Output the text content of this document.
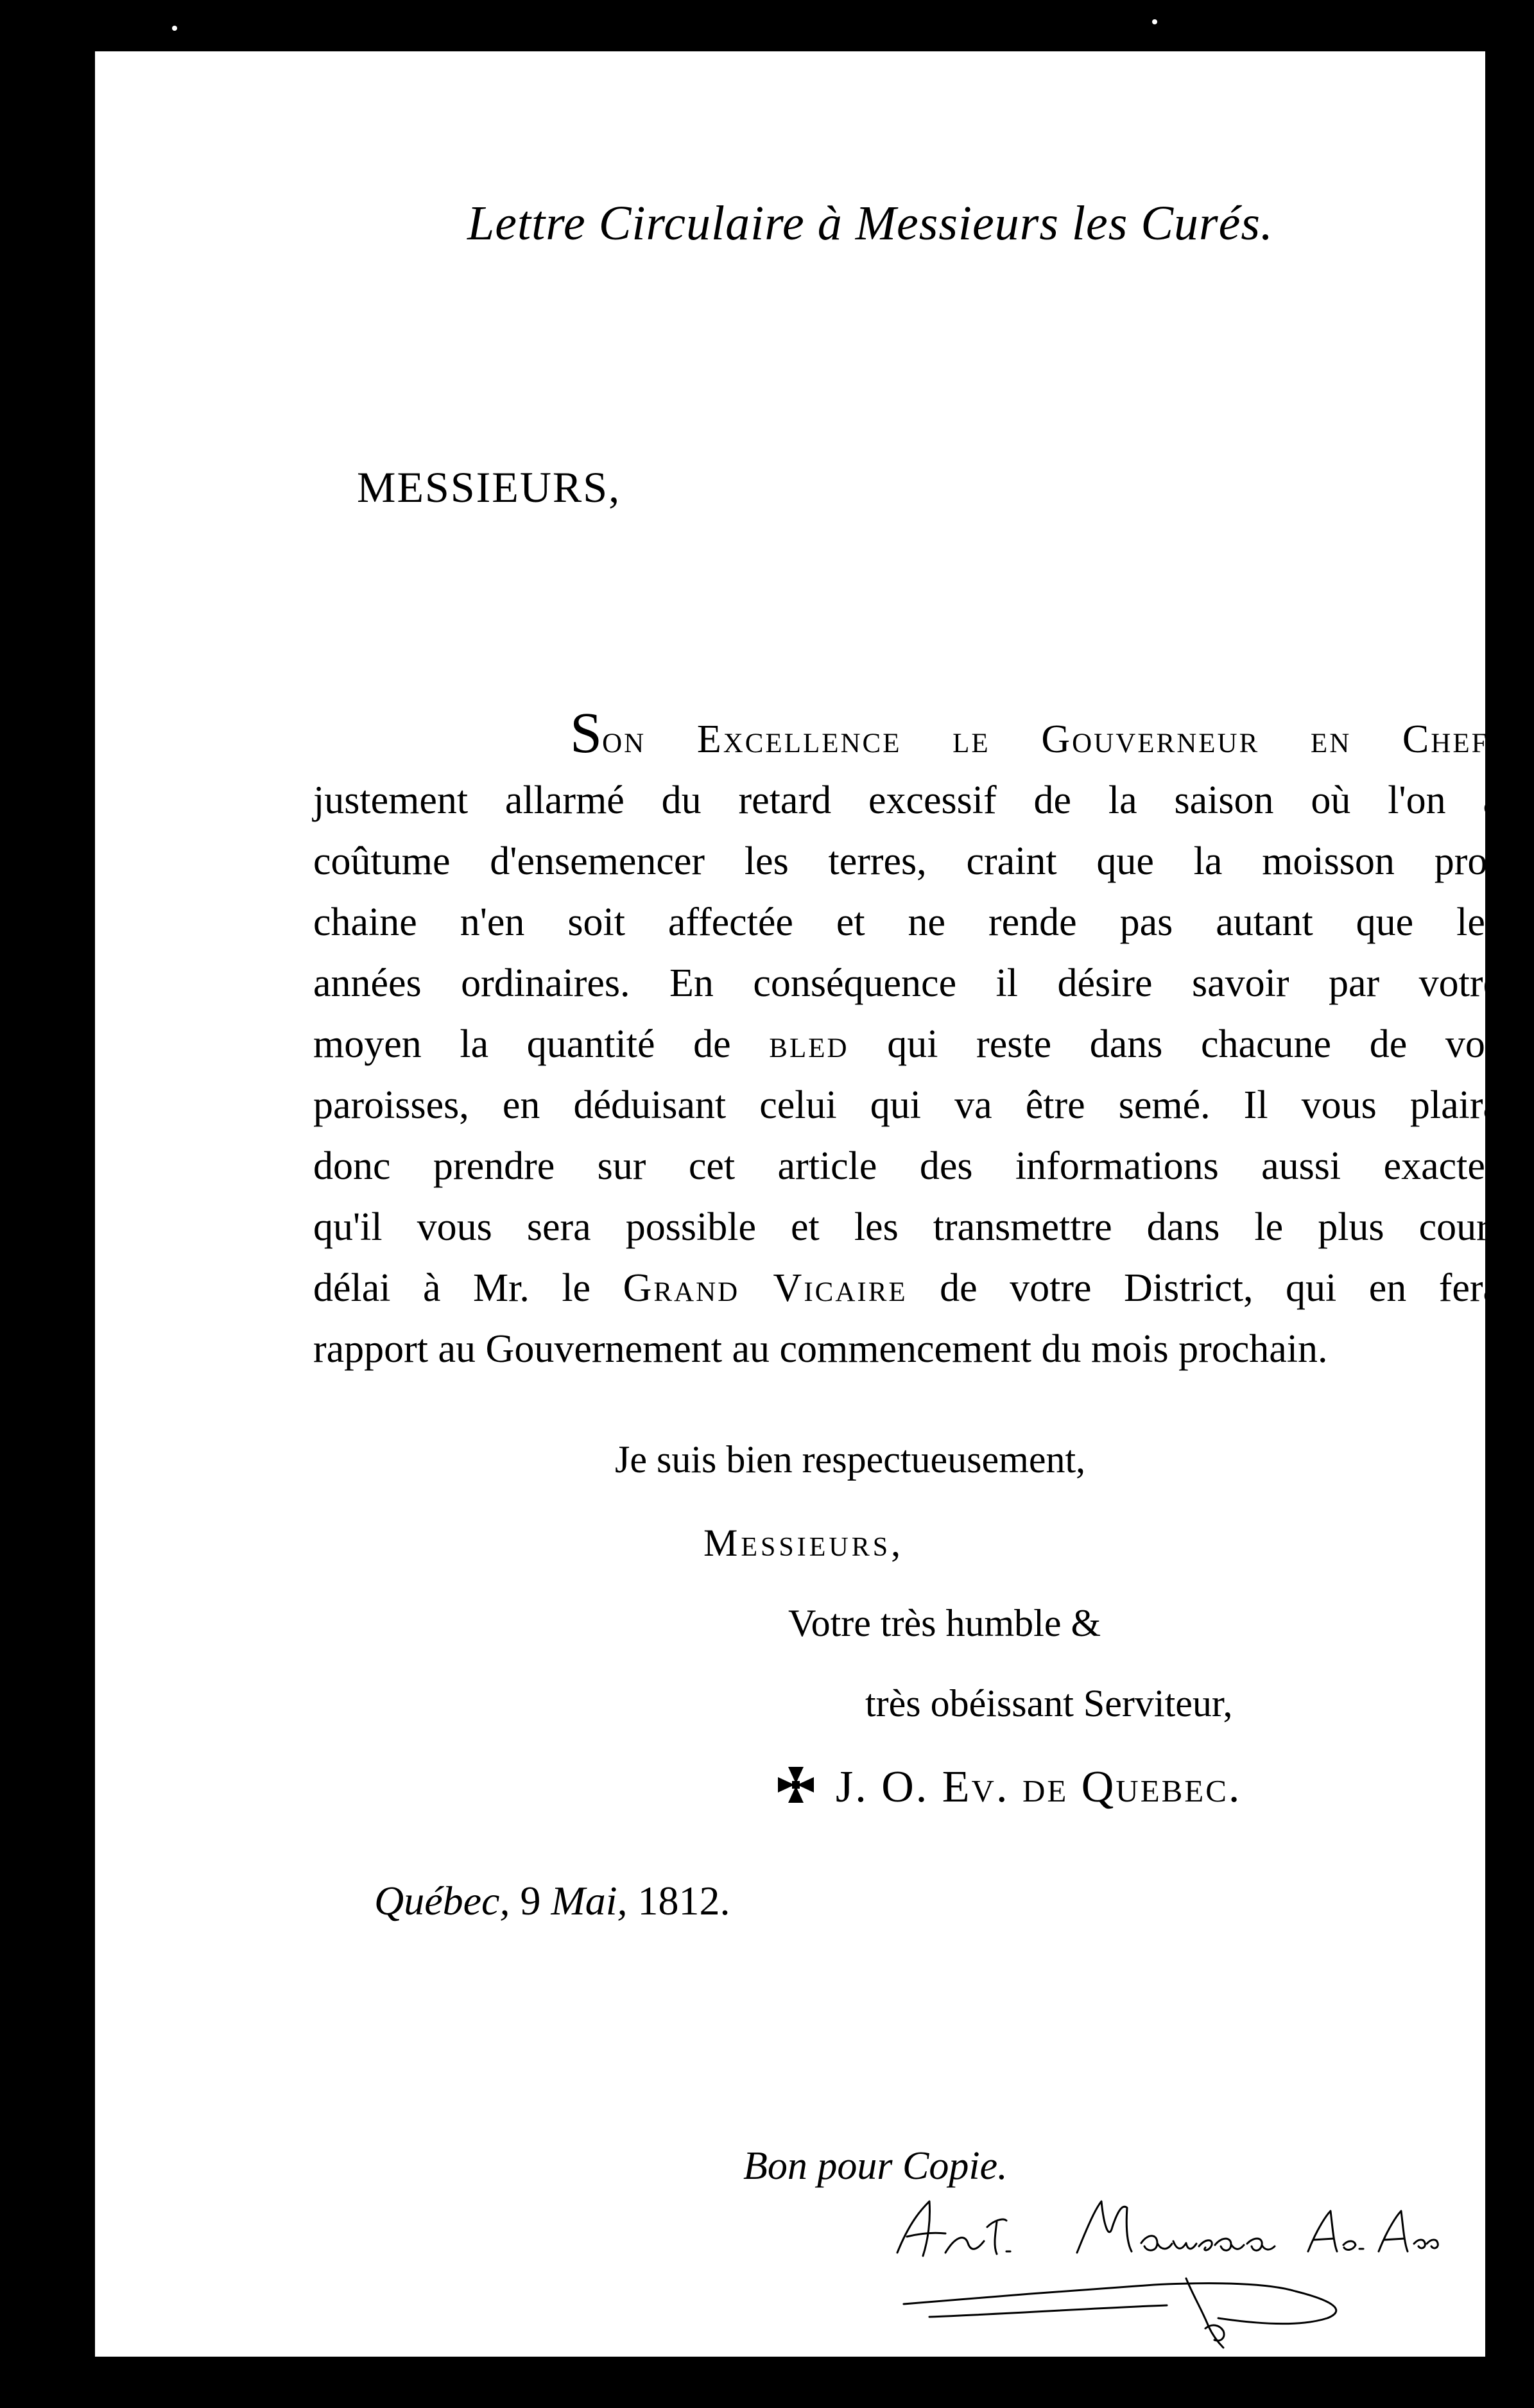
Lettre Circulaire à Messieurs les Curés.
MESSIEURS,
Son Excellence le Gouverneur en Chef,
justement allarmé du retard excessif de la saison où l'on a
coûtume d'ensemencer les terres, craint que la moisson pro-
chaine n'en soit affectée et ne rende pas autant que les
années ordinaires. En conséquence il désire savoir par votre
moyen la quantité de bled qui reste dans chacune de vos
paroisses, en déduisant celui qui va être semé. Il vous plaira
donc prendre sur cet article des informations aussi exactes
qu'il vous sera possible et les transmettre dans le plus court
délai à Mr. le Grand Vicaire de votre District, qui en fera
rapport au Gouvernement au commencement du mois prochain.
Je suis bien respectueusement,
Messieurs,
Votre très humble &
très obéissant Serviteur,
J. O. Ev. de Quebec.
Québec, 9 Mai, 1812.
Bon pour Copie.
